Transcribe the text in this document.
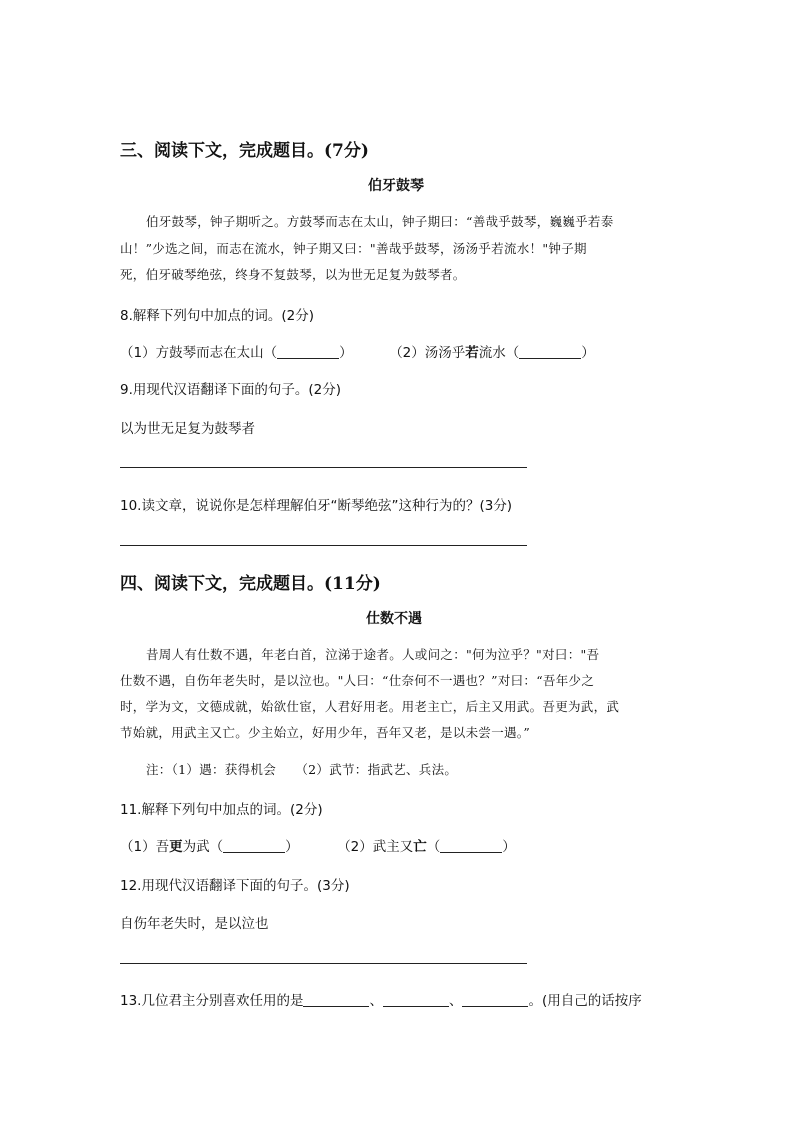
三、阅读下文，完成题目。(7分)
伯牙鼓琴
伯牙鼓琴，钟子期听之。方鼓琴而志在太山，钟子期曰：“善哉乎鼓琴，巍巍乎若泰
山！”少选之间，而志在流水，钟子期又曰："善哉乎鼓琴，汤汤乎若流水！"钟子期
死，伯牙破琴绝弦，终身不复鼓琴，以为世无足复为鼓琴者。
8.解释下列句中加点的词。(2分)
（1）方鼓琴而志在太山（	）	（2）汤汤乎若流水（	）
9.用现代汉语翻译下面的句子。(2分)
以为世无足复为鼓琴者
10.读文章，说说你是怎样理解伯牙“断琴绝弦”这种行为的？(3分)
四、阅读下文，完成题目。(11分)
仕数不遇
昔周人有仕数不遇，年老白首，泣涕于途者。人或问之："何为泣乎？"对曰："吾
仕数不遇，自伤年老失时，是以泣也。"人曰：“仕奈何不一遇也？”对曰：“吾年少之
时，学为文，文德成就，始欲仕宦，人君好用老。用老主亡，后主又用武。吾更为武，武
节始就，用武主又亡。少主始立，好用少年，吾年又老，是以未尝一遇。”
注：（1）遇：获得机会　　（2）武节：指武艺、兵法。
11.解释下列句中加点的词。(2分)
（1）吾更为武（	）	（2）武主又亡（	）
12.用现代汉语翻译下面的句子。(3分)
自伤年老失时，是以泣也
13.几位君主分别喜欢任用的是	、	、	。(用自己的话按序
